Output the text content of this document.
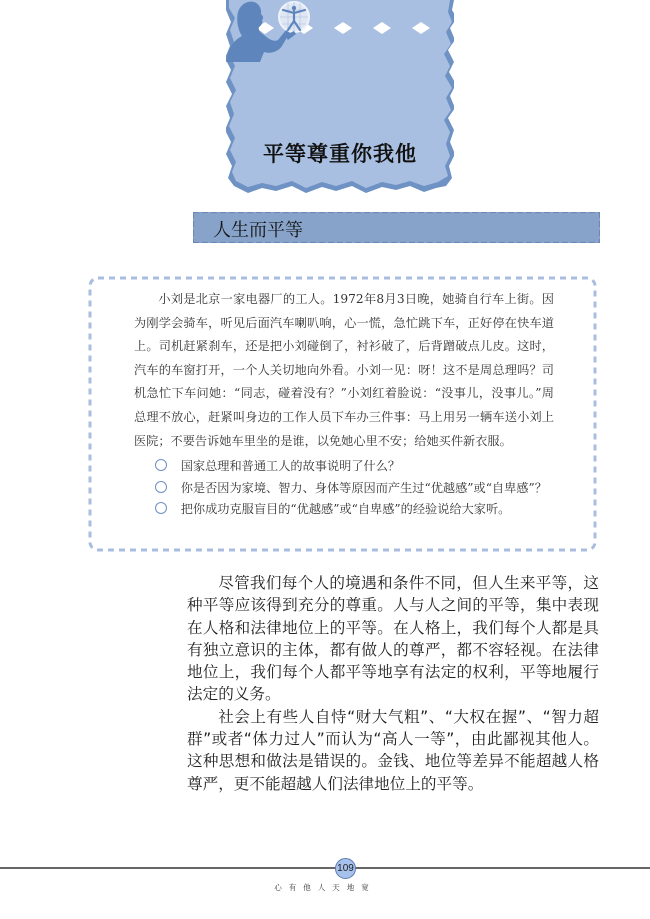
平等尊重你我他
人生而平等

小刘是北京一家电器厂的工人。1972年8月3日晚，她骑自行车上街。因为刚学会骑车，听见后面汽车喇叭响，心一慌，急忙跳下车，正好停在快车道上。司机赶紧刹车，还是把小刘碰倒了，衬衫破了，后背蹭破点儿皮。这时，汽车的车窗打开，一个人关切地向外看。小刘一见：呀！这不是周总理吗？司机急忙下车问她：“同志，碰着没有？”小刘红着脸说：“没事儿，没事儿。”周总理不放心，赶紧叫身边的工作人员下车办三件事：马上用另一辆车送小刘上医院；不要告诉她车里坐的是谁，以免她心里不安；给她买件新衣服。

国家总理和普通工人的故事说明了什么？

你是否因为家境、智力、身体等原因而产生过“优越感”或“自卑感”？

把你成功克服盲目的“优越感”或“自卑感”的经验说给大家听。

尽管我们每个人的境遇和条件不同，但人生来平等，这种平等应该得到充分的尊重。人与人之间的平等，集中表现在人格和法律地位上的平等。在人格上，我们每个人都是具有独立意识的主体，都有做人的尊严，都不容轻视。在法律地位上，我们每个人都平等地享有法定的权利，平等地履行法定的义务。

社会上有些人自恃“财大气粗”、“大权在握”、“智力超群”或者“体力过人”而认为“高人一等”，由此鄙视其他人。这种思想和做法是错误的。金钱、地位等差异不能超越人格尊严，更不能超越人们法律地位上的平等。

109
心有他人天地宽
